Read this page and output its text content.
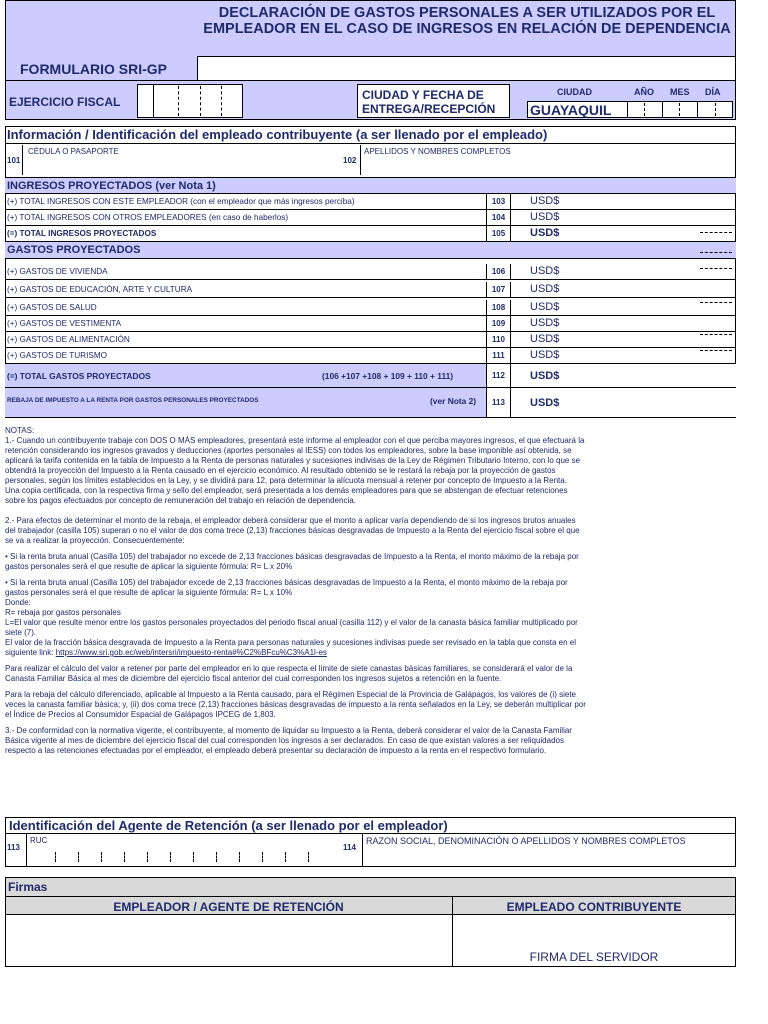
FORMULARIO SRI-GP
DECLARACIÓN DE GASTOS PERSONALES A SER UTILIZADOS POR EL EMPLEADOR EN EL CASO DE INGRESOS EN RELACIÓN DE DEPENDENCIA
EJERCICIO FISCAL	CIUDAD Y FECHA DE ENTREGA/RECEPCIÓN
CIUDAD	AÑO MES DÍA
GUAYAQUIL
Información / Identificación del empleado contribuyente (a ser llenado por el empleado)
101
CÉDULA O PASAPORTE
102
APELLIDOS Y NOMBRES COMPLETOS
INGRESOS PROYECTADOS (ver Nota 1)
(+) TOTAL INGRESOS CON ESTE EMPLEADOR (con el empleador que más ingresos perciba)	103	USD$
(+) TOTAL INGRESOS CON OTROS EMPLEADORES (en caso de haberlos)	104	USD$
(=) TOTAL INGRESOS PROYECTADOS	105	USD$
GASTOS PROYECTADOS
(+) GASTOS DE VIVIENDA	106	USD$
(+) GASTOS DE EDUCACIÓN, ARTE Y CULTURA	107	USD$
(+) GASTOS DE SALUD	108	USD$
(+) GASTOS DE VESTIMENTA	109	USD$
(+) GASTOS DE ALIMENTACIÓN	110	USD$
(+) GASTOS DE TURISMO	111	USD$
(=) TOTAL GASTOS PROYECTADOS	(106 +107 +108 + 109 + 110 + 111)	112	USD$
REBAJA DE IMPUESTO A LA RENTA POR GASTOS PERSONALES PROYECTADOS	(ver Nota 2)	113	USD$
NOTAS:

1.- Cuando un contribuyente trabaje con DOS O MÁS empleadores, presentará este informe al empleador con el que perciba mayores ingresos, el que efectuará la
retención considerando los ingresos gravados y deducciones (aportes personales al IESS) con todos los empleadores, sobre la base imponible así obtenida, se
aplicará la tarifa contenida en la tabla de Impuesto a la Renta de personas naturales y sucesiones indivisas de la Ley de Régimen Tributario Interno, con lo que se
obtendrá la proyección del Impuesto a la Renta causado en el ejercicio económico. Al resultado obtenido se le restará la rebaja por la proyección de gastos
personales, según los límites establecidos en la Ley, y se dividirá para 12, para determinar la alícuota mensual a retener por concepto de Impuesto a la Renta.
Una copia certificada, con la respectiva firma y sello del empleador, será presentada a los demás empleadores para que se abstengan de efectuar retenciones
sobre los pagos efectuados por concepto de remuneración del trabajo en relación de dependencia.

2.- Para efectos de determinar el monto de la rebaja, el empleador deberá considerar que el monto a aplicar varía dependiendo de si los ingresos brutos anuales
del trabajador (casilla 105) superan o no el valor de dos coma trece (2,13) fracciones básicas desgravadas de Impuesto a la Renta del ejercicio fiscal sobre el que
se va a realizar la proyección. Consecuentemente:

• Si la renta bruta anual (Casilla 105) del trabajador no excede de 2,13 fracciones básicas desgravadas de Impuesto a la Renta, el monto máximo de la rebaja por
gastos personales será el que resulte de aplicar la siguiente fórmula: R= L x 20%

• Si la renta bruta anual (Casilla 105) del trabajador excede de 2,13 fracciones básicas desgravadas de Impuesto a la Renta, el monto máximo de la rebaja por
gastos personales será el que resulte de aplicar la siguiente fórmula: R= L x 10%
Donde:
R= rebaja por gastos personales
L=El valor que resulte menor entre los gastos personales proyectados del periodo fiscal anual (casilla 112) y el valor de la canasta básica familiar multiplicado por
siete (7).
El valor de la fracción básica desgravada de Impuesto a la Renta para personas naturales y sucesiones indivisas puede ser revisado en la tabla que consta en el
siguiente link: https://www.sri.gob.ec/web/intersri/impuesto-renta#%C2%BFcu%C3%A1l-es

Para realizar el cálculo del valor a retener por parte del empleador en lo que respecta el límite de siete canastas básicas familiares, se considerará el valor de la
Canasta Familiar Básica al mes de diciembre del ejercicio fiscal anterior del cual corresponden los ingresos sujetos a retención en la fuente.

Para la rebaja del cálculo diferenciado, aplicable al Impuesto a la Renta causado, para el Régimen Especial de la Provincia de Galápagos, los valores de (i) siete
veces la canasta familiar básica; y, (ii) dos coma trece (2,13) fracciones básicas desgravadas de impuesto a la renta señalados en la Ley, se deberán multiplicar por
el Índice de Precios al Consumidor Espacial de Galápagos IPCEG de 1,803.

3.- De conformidad con la normativa vigente, el contribuyente, al momento de liquidar su Impuesto a la Renta, deberá considerar el valor de la Canasta Familiar
Básica vigente al mes de diciembre del ejercicio fiscal del cual corresponden los ingresos a ser declarados. En caso de que existan valores a ser reliquidados
respecto a las retenciones efectuadas por el empleador, el empleado deberá presentar su declaración de impuesto a la renta en el respectivo formulario.

Identificación del Agente de Retención (a ser llenado por el empleador)
113
RUC
114
RAZON SOCIAL, DENOMINACIÓN O APELLIDOS Y NOMBRES COMPLETOS
Firmas
EMPLEADOR / AGENTE DE RETENCIÓN	EMPLEADO CONTRIBUYENTE
FIRMA DEL SERVIDOR
